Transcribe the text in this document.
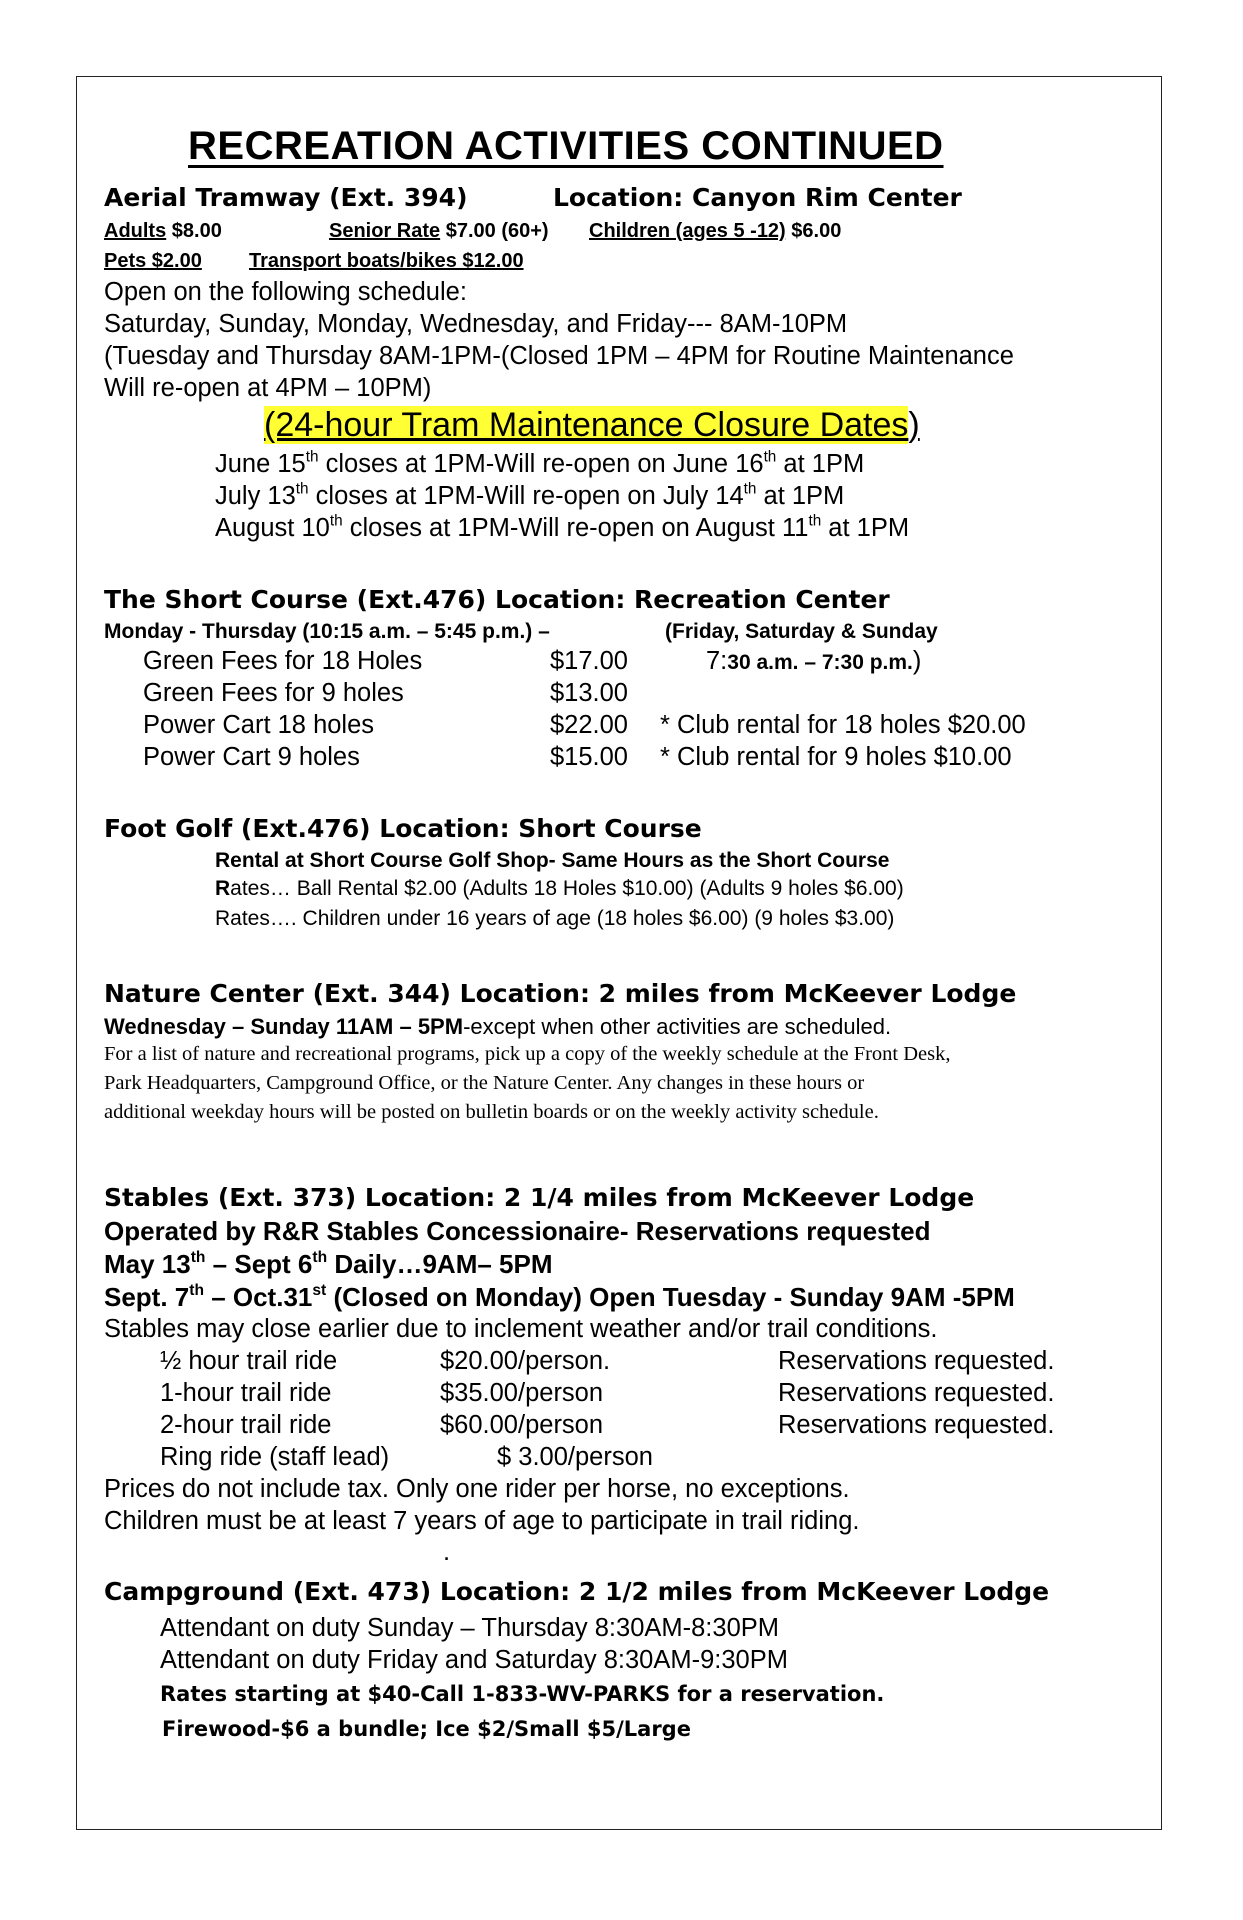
RECREATION ACTIVITIES CONTINUED
Aerial Tramway (Ext. 394)	Location: Canyon Rim Center
Adults $8.00	Senior Rate $7.00 (60+) Children (ages 5 -12) $6.00
Pets $2.00 Transport boats/bikes $12.00
Open on the following schedule:
Saturday, Sunday, Monday, Wednesday, and Friday--- 8AM-10PM
(Tuesday and Thursday 8AM-1PM-(Closed 1PM – 4PM for Routine Maintenance
Will re-open at 4PM – 10PM)
(24-hour Tram Maintenance Closure Dates)
June 15th closes at 1PM-Will re-open on June 16th at 1PM
July 13th closes at 1PM-Will re-open on July 14th at 1PM
August 10th closes at 1PM-Will re-open on August 11th at 1PM
The Short Course (Ext.476) Location: Recreation Center
Monday - Thursday (10:15 a.m. – 5:45 p.m.) –	(Friday, Saturday & Sunday
7:30 a.m. – 7:30 p.m.)
Green Fees for 18 Holes	$17.00
Green Fees for 9 holes	$13.00
Power Cart 18 holes	$22.00 * Club rental for 18 holes $20.00
Power Cart 9 holes	$15.00 * Club rental for 9 holes $10.00
Foot Golf (Ext.476) Location: Short Course
Rental at Short Course Golf Shop- Same Hours as the Short Course
Rates… Ball Rental $2.00 (Adults 18 Holes $10.00) (Adults 9 holes $6.00)
Rates…. Children under 16 years of age (18 holes $6.00) (9 holes $3.00)
Nature Center (Ext. 344) Location: 2 miles from McKeever Lodge
Wednesday – Sunday 11AM – 5PM-except when other activities are scheduled.
For a list of nature and recreational programs, pick up a copy of the weekly schedule at the Front Desk,
Park Headquarters, Campground Office, or the Nature Center. Any changes in these hours or
additional weekday hours will be posted on bulletin boards or on the weekly activity schedule.
Stables (Ext. 373) Location: 2 1/4 miles from McKeever Lodge
Operated by R&R Stables Concessionaire- Reservations requested
May 13th – Sept 6th Daily…9AM– 5PM
Sept. 7th – Oct.31st (Closed on Monday) Open Tuesday - Sunday 9AM -5PM
Stables may close earlier due to inclement weather and/or trail conditions.
½ hour trail ride	$20.00/person.	Reservations requested.
1-hour trail ride	$35.00/person	Reservations requested.
2-hour trail ride	$60.00/person	Reservations requested.
Ring ride (staff lead)	$ 3.00/person
Prices do not include tax. Only one rider per horse, no exceptions.
Children must be at least 7 years of age to participate in trail riding.
.
Campground (Ext. 473) Location: 2 1/2 miles from McKeever Lodge
Attendant on duty Sunday – Thursday 8:30AM-8:30PM
Attendant on duty Friday and Saturday 8:30AM-9:30PM
Rates starting at $40-Call 1-833-WV-PARKS for a reservation.
Firewood-$6 a bundle; Ice $2/Small $5/Large
